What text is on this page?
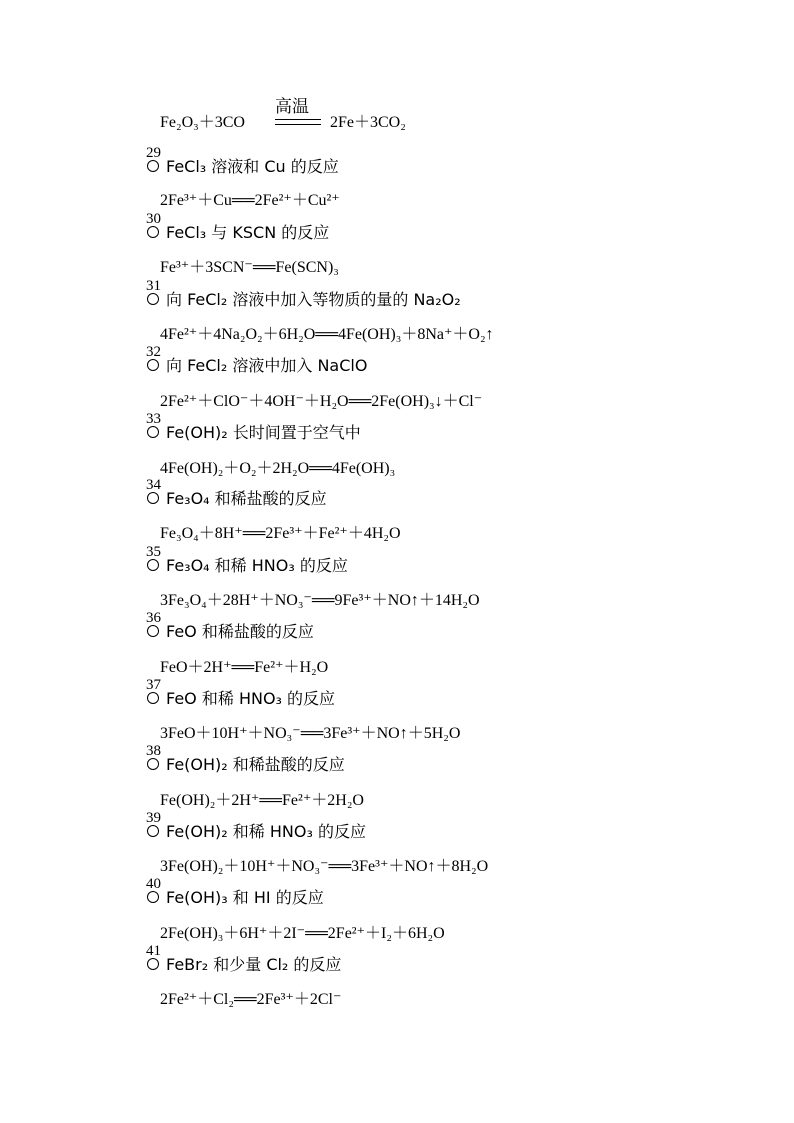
Fe₂O₃＋3CO
高温
2Fe＋3CO₂
29
FeCl₃ 溶液和 Cu 的反应
2Fe³⁺＋Cu══2Fe²⁺＋Cu²⁺
30
FeCl₃ 与 KSCN 的反应
Fe³⁺＋3SCN⁻══Fe(SCN)₃
31
向 FeCl₂ 溶液中加入等物质的量的 Na₂O₂
4Fe²⁺＋4Na₂O₂＋6H₂O══4Fe(OH)₃＋8Na⁺＋O₂↑
32
向 FeCl₂ 溶液中加入 NaClO
2Fe²⁺＋ClO⁻＋4OH⁻＋H₂O══2Fe(OH)₃↓＋Cl⁻
33
Fe(OH)₂ 长时间置于空气中
4Fe(OH)₂＋O₂＋2H₂O══4Fe(OH)₃
34
Fe₃O₄ 和稀盐酸的反应
Fe₃O₄＋8H⁺══2Fe³⁺＋Fe²⁺＋4H₂O
35
Fe₃O₄ 和稀 HNO₃ 的反应
3Fe₃O₄＋28H⁺＋NO₃⁻══9Fe³⁺＋NO↑＋14H₂O
36
FeO 和稀盐酸的反应
FeO＋2H⁺══Fe²⁺＋H₂O
37
FeO 和稀 HNO₃ 的反应
3FeO＋10H⁺＋NO₃⁻══3Fe³⁺＋NO↑＋5H₂O
38
Fe(OH)₂ 和稀盐酸的反应
Fe(OH)₂＋2H⁺══Fe²⁺＋2H₂O
39
Fe(OH)₂ 和稀 HNO₃ 的反应
3Fe(OH)₂＋10H⁺＋NO₃⁻══3Fe³⁺＋NO↑＋8H₂O
40
Fe(OH)₃ 和 HI 的反应
2Fe(OH)₃＋6H⁺＋2I⁻══2Fe²⁺＋I₂＋6H₂O
41
FeBr₂ 和少量 Cl₂ 的反应
2Fe²⁺＋Cl₂══2Fe³⁺＋2Cl⁻
